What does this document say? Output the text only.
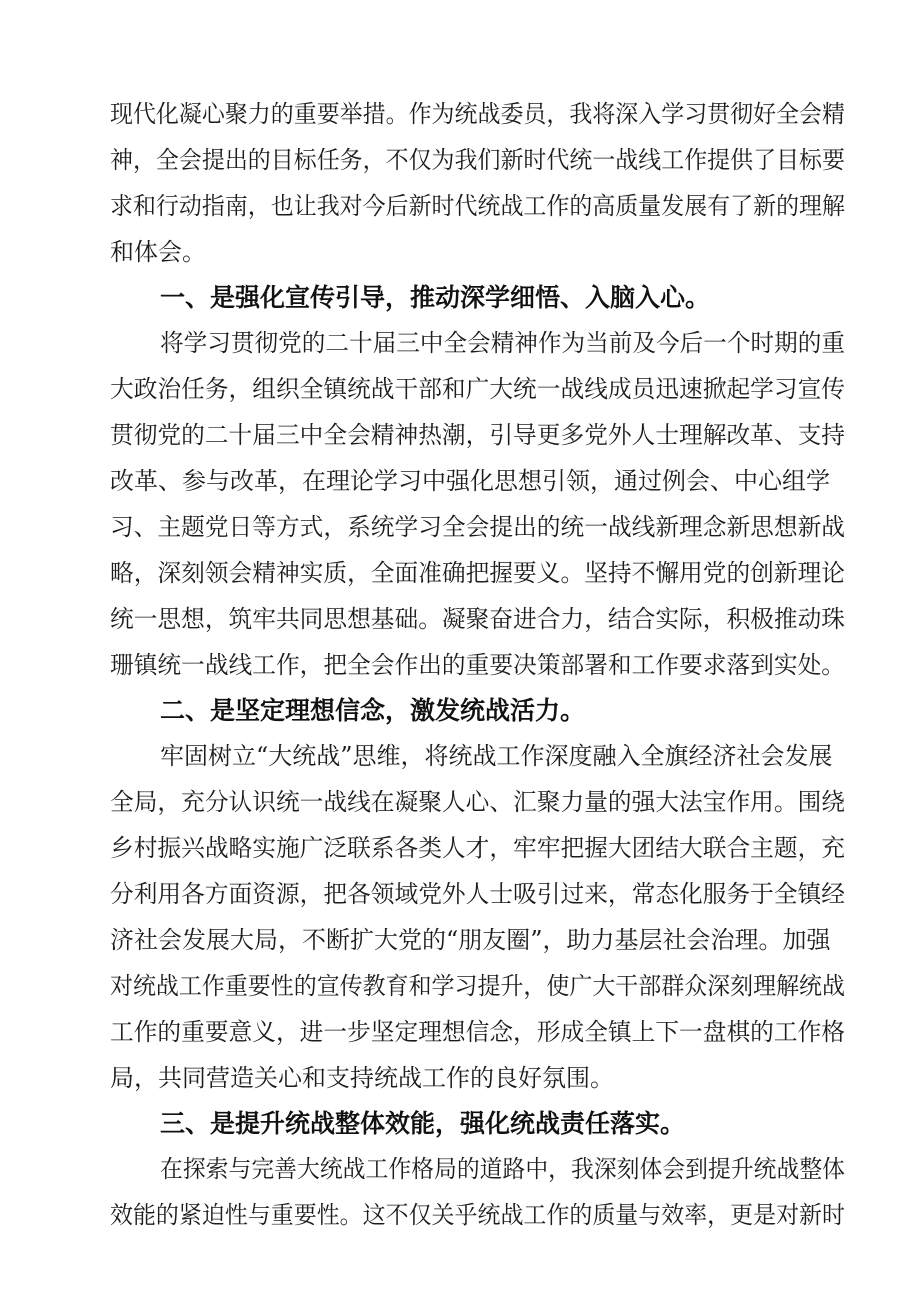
现代化凝心聚力的重要举措。作为统战委员，我将深入学习贯彻好全会精
神，全会提出的目标任务，不仅为我们新时代统一战线工作提供了目标要
求和行动指南，也让我对今后新时代统战工作的高质量发展有了新的理解
和体会。
一、是强化宣传引导，推动深学细悟、入脑入心。
将学习贯彻党的二十届三中全会精神作为当前及今后一个时期的重
大政治任务，组织全镇统战干部和广大统一战线成员迅速掀起学习宣传
贯彻党的二十届三中全会精神热潮，引导更多党外人士理解改革、支持
改革、参与改革，在理论学习中强化思想引领，通过例会、中心组学
习、主题党日等方式，系统学习全会提出的统一战线新理念新思想新战
略，深刻领会精神实质，全面准确把握要义。坚持不懈用党的创新理论
统一思想，筑牢共同思想基础。凝聚奋进合力，结合实际，积极推动珠
珊镇统一战线工作，把全会作出的重要决策部署和工作要求落到实处。
二、是坚定理想信念，激发统战活力。
牢固树立“大统战”思维，将统战工作深度融入全旗经济社会发展
全局，充分认识统一战线在凝聚人心、汇聚力量的强大法宝作用。围绕
乡村振兴战略实施广泛联系各类人才，牢牢把握大团结大联合主题，充
分利用各方面资源，把各领域党外人士吸引过来，常态化服务于全镇经
济社会发展大局，不断扩大党的“朋友圈”，助力基层社会治理。加强
对统战工作重要性的宣传教育和学习提升，使广大干部群众深刻理解统战
工作的重要意义，进一步坚定理想信念，形成全镇上下一盘棋的工作格
局，共同营造关心和支持统战工作的良好氛围。
三、是提升统战整体效能，强化统战责任落实。
在探索与完善大统战工作格局的道路中，我深刻体会到提升统战整体
效能的紧迫性与重要性。这不仅关乎统战工作的质量与效率，更是对新时
